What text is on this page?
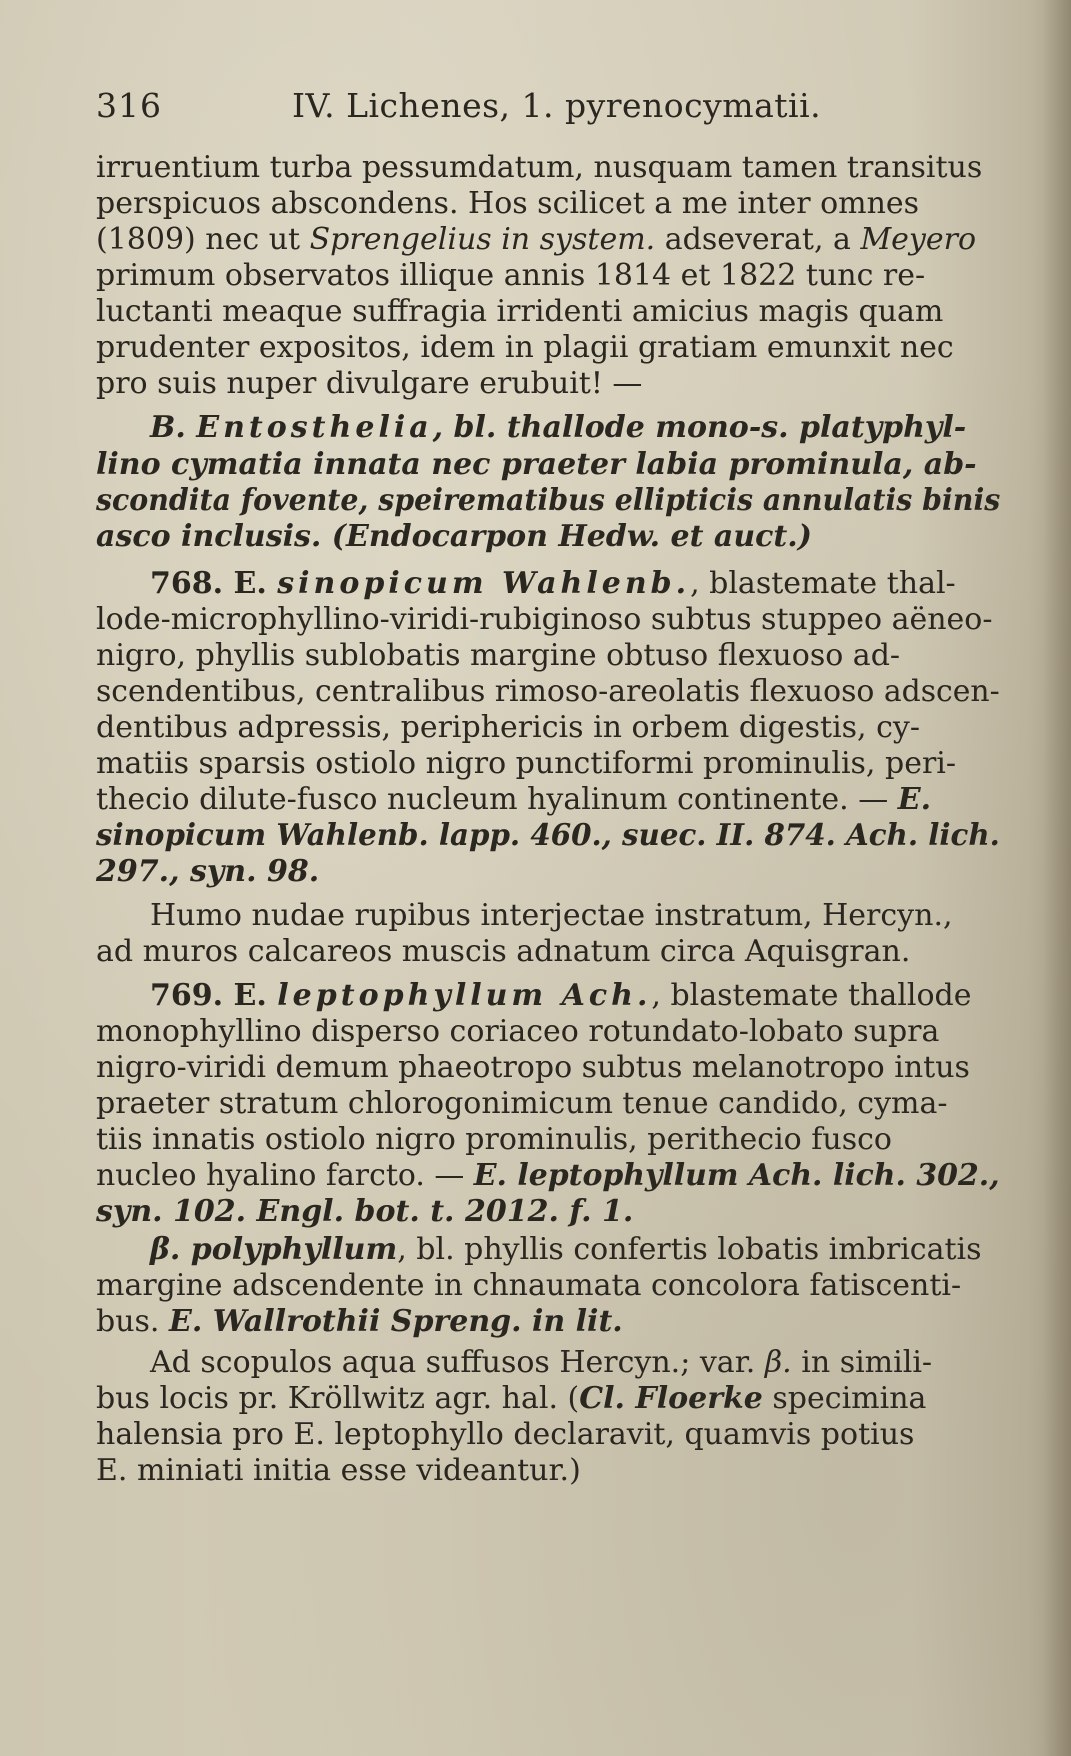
316	IV. Lichenes, 1. pyrenocymatii.
irruentium turba pessumdatum, nusquam tamen transitus
perspicuos abscondens. Hos scilicet a me inter omnes
(1809) nec ut Sprengelius in system. adseverat, a Meyero
primum observatos illique annis 1814 et 1822 tunc re-
luctanti meaque suffragia irridenti amicius magis quam
prudenter expositos, idem in plagii gratiam emunxit nec
pro suis nuper divulgare erubuit! —
B. Entosthelia, bl. thallode mono-s. platyphyl-
lino cymatia innata nec praeter labia prominula, ab-
scondita fovente, speirematibus ellipticis annulatis binis
asco inclusis. (Endocarpon Hedw. et auct.)
768. E. sinopicum Wahlenb., blastemate thal-
lode-microphyllino-viridi-rubiginoso subtus stuppeo aëneo-
nigro, phyllis sublobatis margine obtuso flexuoso ad-
scendentibus, centralibus rimoso-areolatis flexuoso adscen-
dentibus adpressis, periphericis in orbem digestis, cy-
matiis sparsis ostiolo nigro punctiformi prominulis, peri-
thecio dilute-fusco nucleum hyalinum continente. — E.
sinopicum Wahlenb. lapp. 460., suec. II. 874. Ach. lich.
297., syn. 98.
Humo nudae rupibus interjectae instratum, Hercyn.,
ad muros calcareos muscis adnatum circa Aquisgran.
769. E. leptophyllum Ach., blastemate thallode
monophyllino disperso coriaceo rotundato-lobato supra
nigro-viridi demum phaeotropo subtus melanotropo intus
praeter stratum chlorogonimicum tenue candido, cyma-
tiis innatis ostiolo nigro prominulis, perithecio fusco
nucleo hyalino farcto. — E. leptophyllum Ach. lich. 302.,
syn. 102. Engl. bot. t. 2012. f. 1.
β. polyphyllum, bl. phyllis confertis lobatis imbricatis
margine adscendente in chnaumata concolora fatiscenti-
bus. E. Wallrothii Spreng. in lit.
Ad scopulos aqua suffusos Hercyn.; var. β. in simili-
bus locis pr. Kröllwitz agr. hal. (Cl. Floerke specimina
halensia pro E. leptophyllo declaravit, quamvis potius
E. miniati initia esse videantur.)
